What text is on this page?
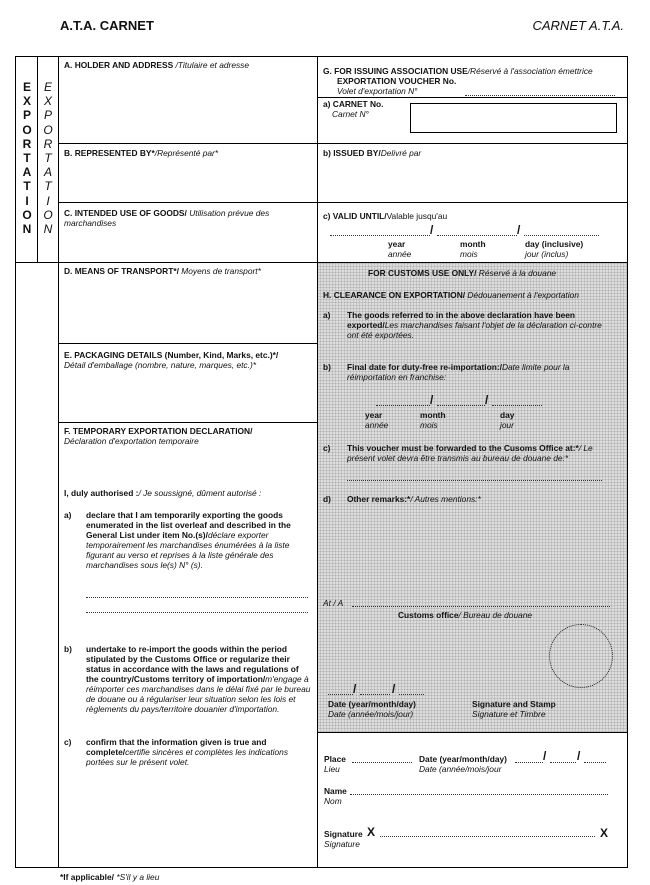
A.T.A. CARNET	CARNET A.T.A.
E
X
P
O
R
T
A
T
I
O
N
E
X
P
O
R
T
A
T
I
O
N
A. HOLDER AND ADDRESS /Titulaire et adresse
B. REPRESENTED BY*/Représenté par*
C. INTENDED USE OF GOODS/ Utilisation prévue des marchandises
D. MEANS OF TRANSPORT*/ Moyens de transport*
E. PACKAGING DETAILS (Number, Kind, Marks, etc.)*/
Détail d'emballage (nombre, nature, marques, etc.)*
F. TEMPORARY EXPORTATION DECLARATION/
Déclaration d'exportation temporaire
I, duly authorised :/ Je soussigné, dûment autorisé :
a) declare that I am temporarily exporting the goods enumerated in the list overleaf and described in the General List under item No.(s)/déclare exporter temporairement les marchandises énumérées à la liste figurant au verso et reprises à la liste générale des marchandises sous le(s) N° (s).
b) undertake to re-import the goods within the period stipulated by the Customs Office or regularize their status in accordance with the laws and regulations of the country/Customs territory of importation/m'engage à réimporter ces marchandises dans le délai fixé par le bureau de douane ou à régulariser leur situation selon les lois et règlements du pays/territoire douanier d'importation.
c) confirm that the information given is true and complete/certifie sincères et complètes les indications portées sur le présent volet.
G. FOR ISSUING ASSOCIATION USE/Réservé à l'association émettrice
EXPORTATION VOUCHER No.
Volet d'exportation N°
a) CARNET No.
Carnet N°
b) ISSUED BY/Delivré par
c) VALID UNTIL/Valable jusqu'au
/	/
year
année
month
mois
day (inclusive)
jour (inclus)
FOR CUSTOMS USE ONLY/ Réservé à la douane
H. CLEARANCE ON EXPORTATION/ Dédouanement à l'exportation
a) The goods referred to in the above declaration have been exported/Les marchandises faisant l'objet de la déclaration ci-contre ont été exportées.
b) Final date for duty-free re-importation:/Date limite pour la réimportation en franchise:
/	/
year
année
month
mois
day
jour
c) This voucher must be forwarded to the Cusoms Office at:*/ Le présent volet devra être transmis au bureau de douane de:*
d) Other remarks:*/ Autres mentions:*
At / A
Customs office/ Bureau de douane
/	/
Date (year/month/day)
Date (année/mois/jour)
Signature and Stamp
Signature et Timbre
Place
Lieu
Date (year/month/day)
Date (année/mois/jour
/	/
Name
Nom
Signature
Signature
X	X
*If applicable/ *S'il y a lieu
